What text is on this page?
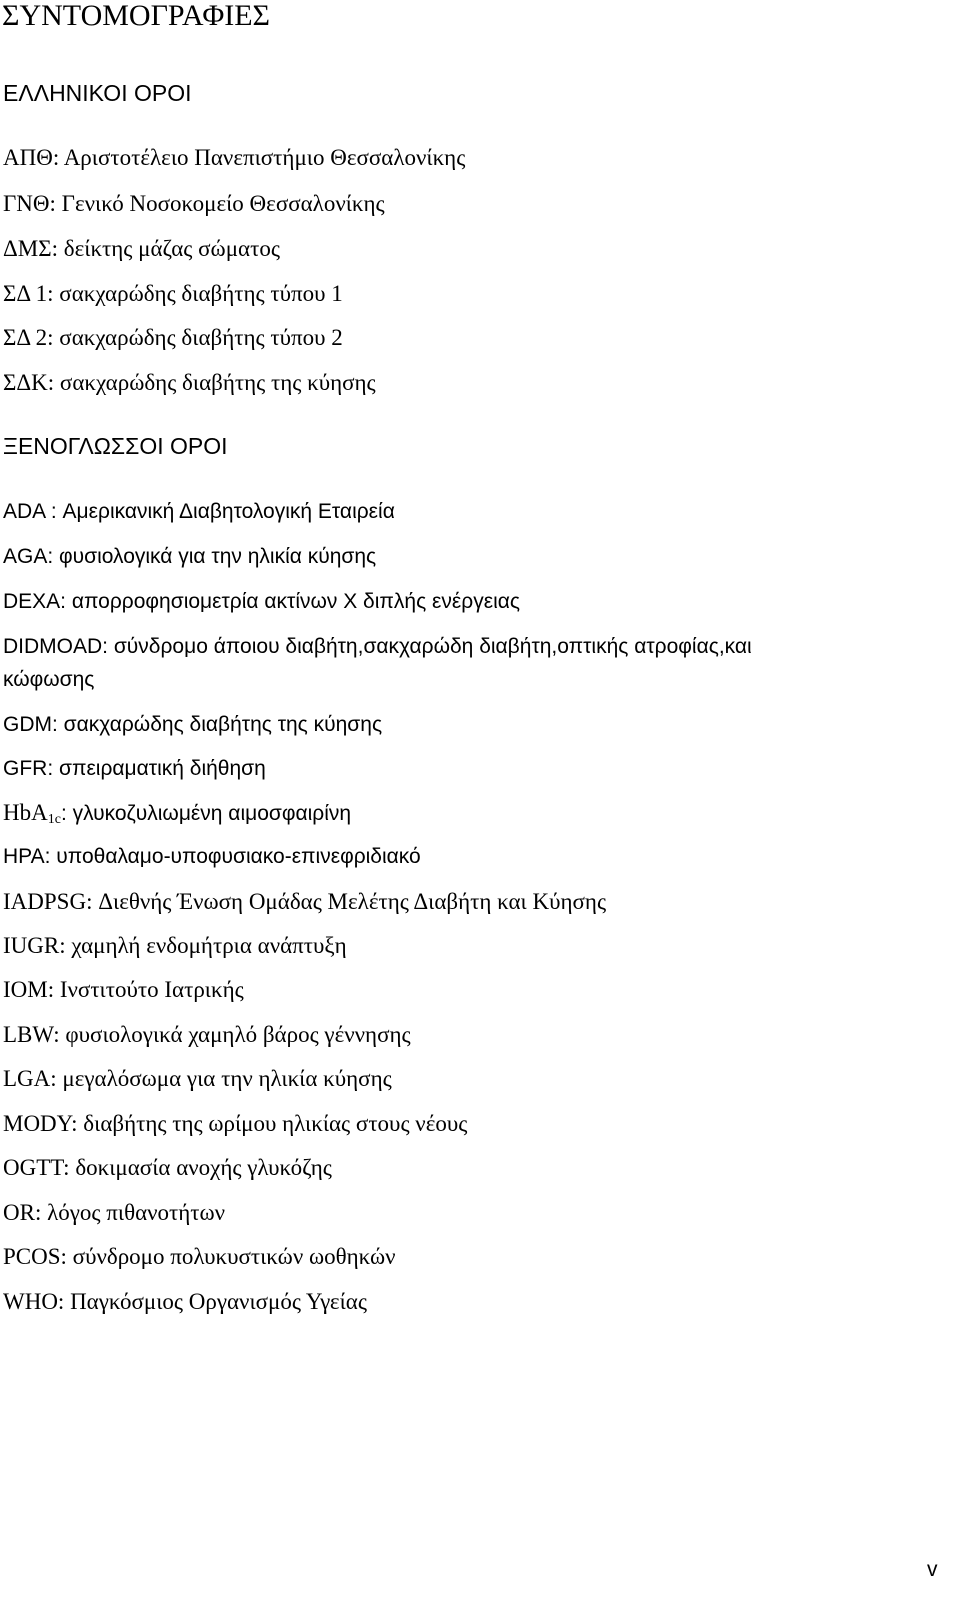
ΣΥΝΤΟΜΟΓΡΑΦΙΕΣ
ΕΛΛΗΝΙΚΟΙ ΟΡΟΙ
ΑΠΘ: Αριστοτέλειο Πανεπιστήμιο Θεσσαλονίκης
ΓΝΘ: Γενικό Νοσοκομείο Θεσσαλονίκης
ΔΜΣ: δείκτης μάζας σώματος
ΣΔ 1: σακχαρώδης διαβήτης τύπου 1
ΣΔ 2: σακχαρώδης διαβήτης τύπου 2
ΣΔΚ: σακχαρώδης διαβήτης της κύησης
ΞΕΝΟΓΛΩΣΣΟΙ ΟΡΟΙ
ADA : Αμερικανική Διαβητολογική Εταιρεία
AGA: φυσιολογικά για την ηλικία κύησης
DEXA: απορροφησιομετρία ακτίνων Χ διπλής ενέργειας
DIDMOAD: σύνδρομο άποιου διαβήτη,σακχαρώδη διαβήτη,οπτικής ατροφίας,και
κώφωσης
GDM: σακχαρώδης διαβήτης της κύησης
GFR: σπειραματική διήθηση
HbA$_{1c}$: γλυκοζυλιωμένη αιμοσφαιρίνη
HPA: υποθαλαμο-υποφυσιακο-επινεφριδιακό
IADPSG: Διεθνής Ένωση Ομάδας Μελέτης Διαβήτη και Κύησης
IUGR: χαμηλή ενδομήτρια ανάπτυξη
IOM: Ινστιτούτο Ιατρικής
LBW: φυσιολογικά χαμηλό βάρος γέννησης
LGA: μεγαλόσωμα για την ηλικία κύησης
MODY: διαβήτης της ωρίμου ηλικίας στους νέους
OGTT: δοκιμασία ανοχής γλυκόζης
OR: λόγος πιθανοτήτων
PCOS: σύνδρομο πολυκυστικών ωοθηκών
WHO: Παγκόσμιος Οργανισμός Υγείας
v
